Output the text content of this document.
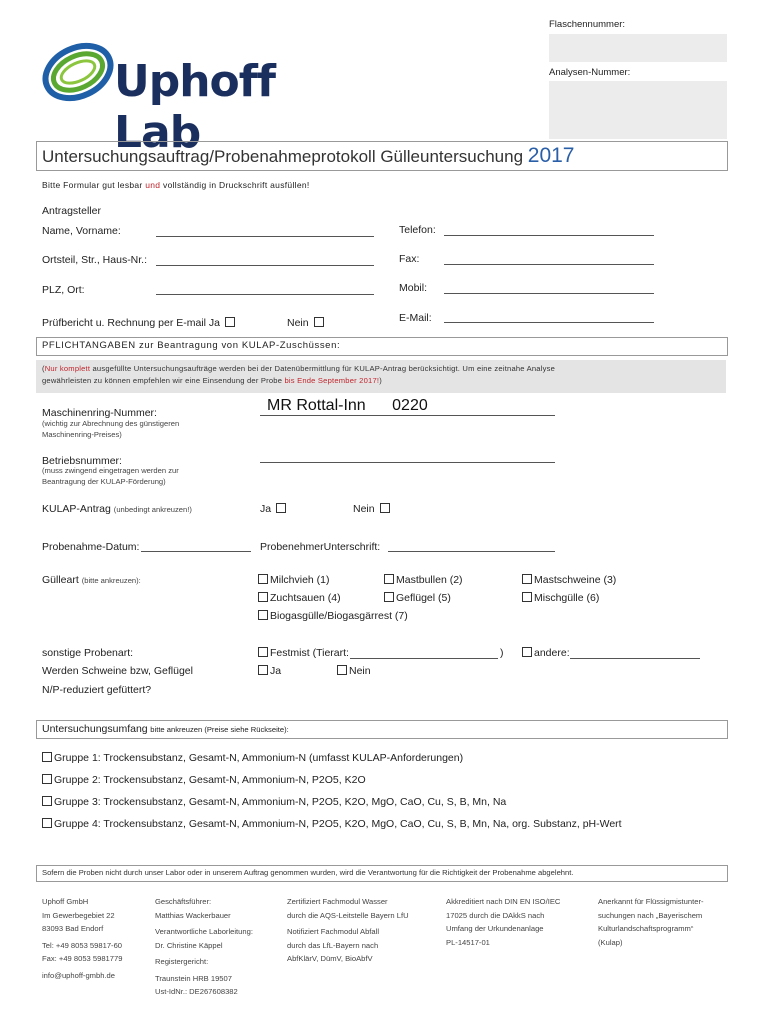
Uphoff Lab
Flaschennummer:
Analysen-Nummer:
Untersuchungsauftrag/Probenahmeprotokoll Gülleuntersuchung 2017
Bitte Formular gut lesbar und vollständig in Druckschrift ausfüllen!
Antragsteller
Name, Vorname:	Telefon:
Ortsteil, Str., Haus-Nr.:	Fax:
PLZ, Ort:	Mobil:
Prüfbericht u. Rechnung per E-mail Ja	Nein	E-Mail:
PFLICHTANGABEN zur Beantragung von KULAP-Zuschüssen:
(Nur komplett ausgefüllte Untersuchungsaufträge werden bei der Datenübermittlung für KULAP-Antrag berücksichtigt. Um eine zeitnahe Analyse
gewährleisten zu können empfehlen wir eine Einsendung der Probe bis Ende September 2017!)
Maschinenring-Nummer:
(wichtig zur Abrechnung des günstigeren
Maschinenring-Preises)
MR Rottal-Inn 0220
Betriebsnummer:
(muss zwingend eingetragen werden zur
Beantragung der KULAP-Förderung)
KULAP-Antrag (unbedingt ankreuzen!)	Ja	Nein
Probenahme-Datum:	ProbenehmerUnterschrift:
Gülleart (bitte ankreuzen):	Milchvieh (1)	Mastbullen (2)	Mastschweine (3)
Zuchtsauen (4)	Geflügel (5)	Mischgülle (6)
Biogasgülle/Biogasgärrest (7)
sonstige Probenart:	Festmist (Tierart:	)	andere:
Werden Schweine bzw, Geflügel
N/P-reduziert gefüttert?
Ja	Nein
Untersuchungsumfang bitte ankreuzen (Preise siehe Rückseite):
Gruppe 1: Trockensubstanz, Gesamt-N, Ammonium-N (umfasst KULAP-Anforderungen)
Gruppe 2: Trockensubstanz, Gesamt-N, Ammonium-N, P2O5, K2O
Gruppe 3: Trockensubstanz, Gesamt-N, Ammonium-N, P2O5, K2O, MgO, CaO, Cu, S, B, Mn, Na
Gruppe 4: Trockensubstanz, Gesamt-N, Ammonium-N, P2O5, K2O, MgO, CaO, Cu, S, B, Mn, Na, org. Substanz, pH-Wert
Sofern die Proben nicht durch unser Labor oder in unserem Auftrag genommen wurden, wird die Verantwortung für die Richtigkeit der Probenahme abgelehnt.
Uphoff GmbH
Im Gewerbegebiet 22
83093 Bad Endorf
Tel: +49 8053 59817-60
Fax: +49 8053 5981779
info@uphoff-gmbh.de
Geschäftsführer:
Matthias Wackerbauer
Verantwortliche Laborleitung:
Dr. Christine Käppel
Registergericht:
Traunstein HRB 19507
Ust-IdNr.: DE267608382
Zertifiziert Fachmodul Wasser
durch die AQS-Leitstelle Bayern LfU
Notifiziert Fachmodul Abfall
durch das LfL-Bayern nach
AbfKlärV, DümV, BioAbfV
Akkreditiert nach DIN EN ISO/IEC
17025 durch die DAkkS nach
Umfang der Urkundenanlage
PL-14517-01
Anerkannt für Flüssigmistunter-
suchungen nach „Bayerischem
Kulturlandschaftsprogramm“
(Kulap)
